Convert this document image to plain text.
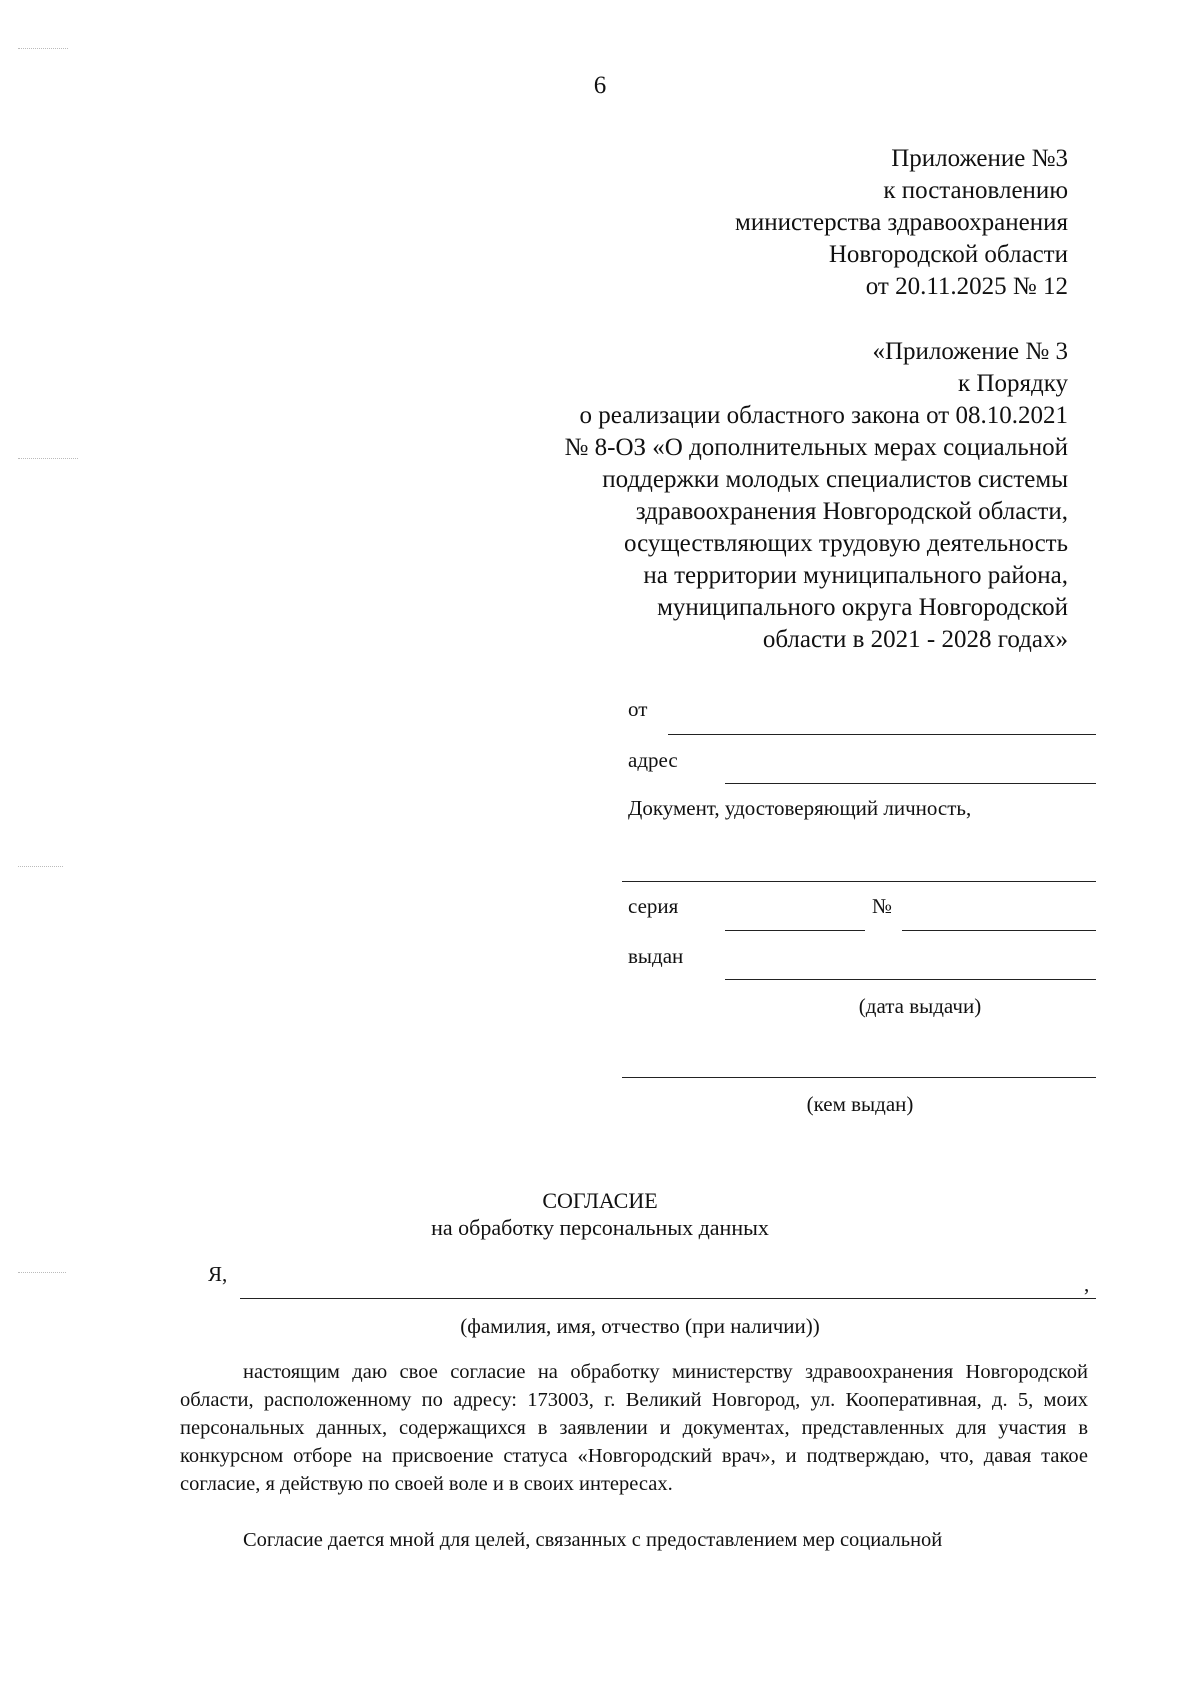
6
Приложение №3
к постановлению
министерства здравоохранения
Новгородской области
от 20.11.2025 № 12
«Приложение № 3
к Порядку
о реализации областного закона от 08.10.2021
№ 8-ОЗ «О дополнительных мерах социальной
поддержки молодых специалистов системы
здравоохранения Новгородской области,
осуществляющих трудовую деятельность
на территории муниципального района,
муниципального округа Новгородской
области в 2021 - 2028 годах»
от
адрес
Документ, удостоверяющий личность,
серия	№
выдан
(дата выдачи)
(кем выдан)
СОГЛАСИЕ
на обработку персональных данных
Я,	,
(фамилия, имя, отчество (при наличии))

настоящим даю свое согласие на обработку министерству здравоохранения Новгородской области, расположенному по адресу: 173003, г. Великий Новгород, ул. Кооперативная, д. 5, моих персональных данных, содержащихся в заявлении и документах, представленных для участия в конкурсном отборе на присвоение статуса «Новгородский врач», и подтверждаю, что, давая такое согласие, я действую по своей воле и в своих интересах.

Согласие дается мной для целей, связанных с предоставлением мер социальной
